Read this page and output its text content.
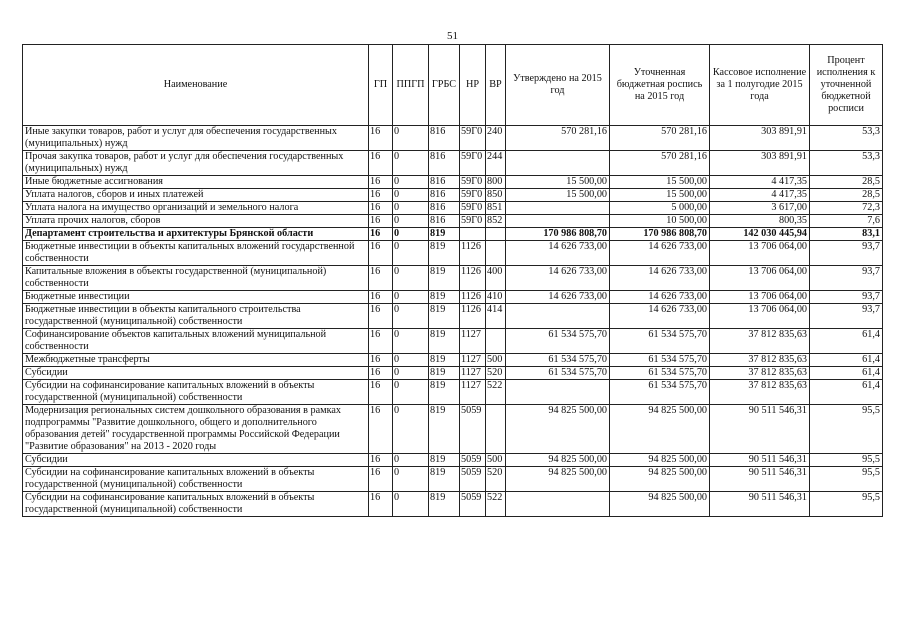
51
Наименование	ГП	ППГП	ГРБС	НР	ВР	Утверждено на 2015 год	Уточненная бюджетная роспись на 2015 год	Кассовое исполнение за 1 полугодие 2015 года	Процент исполнения к уточненной бюджетной росписи
Иные закупки товаров, работ и услуг для обеспечения государственных (муниципальных) нужд	16	0	816	59Г0	240	570 281,16	570 281,16	303 891,91	53,3
Прочая закупка товаров, работ и услуг для обеспечения государственных (муниципальных) нужд	16	0	816	59Г0	244		570 281,16	303 891,91	53,3
Иные бюджетные ассигнования	16	0	816	59Г0	800	15 500,00	15 500,00	4 417,35	28,5
Уплата налогов, сборов и иных платежей	16	0	816	59Г0	850	15 500,00	15 500,00	4 417,35	28,5
Уплата налога на имущество организаций и земельного налога	16	0	816	59Г0	851		5 000,00	3 617,00	72,3
Уплата прочих налогов, сборов	16	0	816	59Г0	852		10 500,00	800,35	7,6
Департамент строительства и архитектуры Брянской области	16	0	819			170 986 808,70	170 986 808,70	142 030 445,94	83,1
Бюджетные инвестиции в объекты капитальных вложений государственной собственности	16	0	819	1126		14 626 733,00	14 626 733,00	13 706 064,00	93,7
Капитальные вложения в объекты государственной (муниципальной) собственности	16	0	819	1126	400	14 626 733,00	14 626 733,00	13 706 064,00	93,7
Бюджетные инвестиции	16	0	819	1126	410	14 626 733,00	14 626 733,00	13 706 064,00	93,7
Бюджетные инвестиции в объекты капитального строительства государственной (муниципальной) собственности	16	0	819	1126	414		14 626 733,00	13 706 064,00	93,7
Софинансирование объектов капитальных вложений муниципальной собственности	16	0	819	1127		61 534 575,70	61 534 575,70	37 812 835,63	61,4
Межбюджетные трансферты	16	0	819	1127	500	61 534 575,70	61 534 575,70	37 812 835,63	61,4
Субсидии	16	0	819	1127	520	61 534 575,70	61 534 575,70	37 812 835,63	61,4
Субсидии на софинансирование капитальных вложений в объекты государственной (муниципальной) собственности	16	0	819	1127	522		61 534 575,70	37 812 835,63	61,4
Модернизация региональных систем дошкольного образования в рамках подпрограммы "Развитие дошкольного, общего и дополнительного образования детей" государственной программы Российской Федерации "Развитие образования" на 2013 - 2020 годы	16	0	819	5059		94 825 500,00	94 825 500,00	90 511 546,31	95,5
Субсидии	16	0	819	5059	500	94 825 500,00	94 825 500,00	90 511 546,31	95,5
Субсидии на софинансирование капитальных вложений в объекты государственной (муниципальной) собственности	16	0	819	5059	520	94 825 500,00	94 825 500,00	90 511 546,31	95,5
Субсидии на софинансирование капитальных вложений в объекты государственной (муниципальной) собственности	16	0	819	5059	522		94 825 500,00	90 511 546,31	95,5
